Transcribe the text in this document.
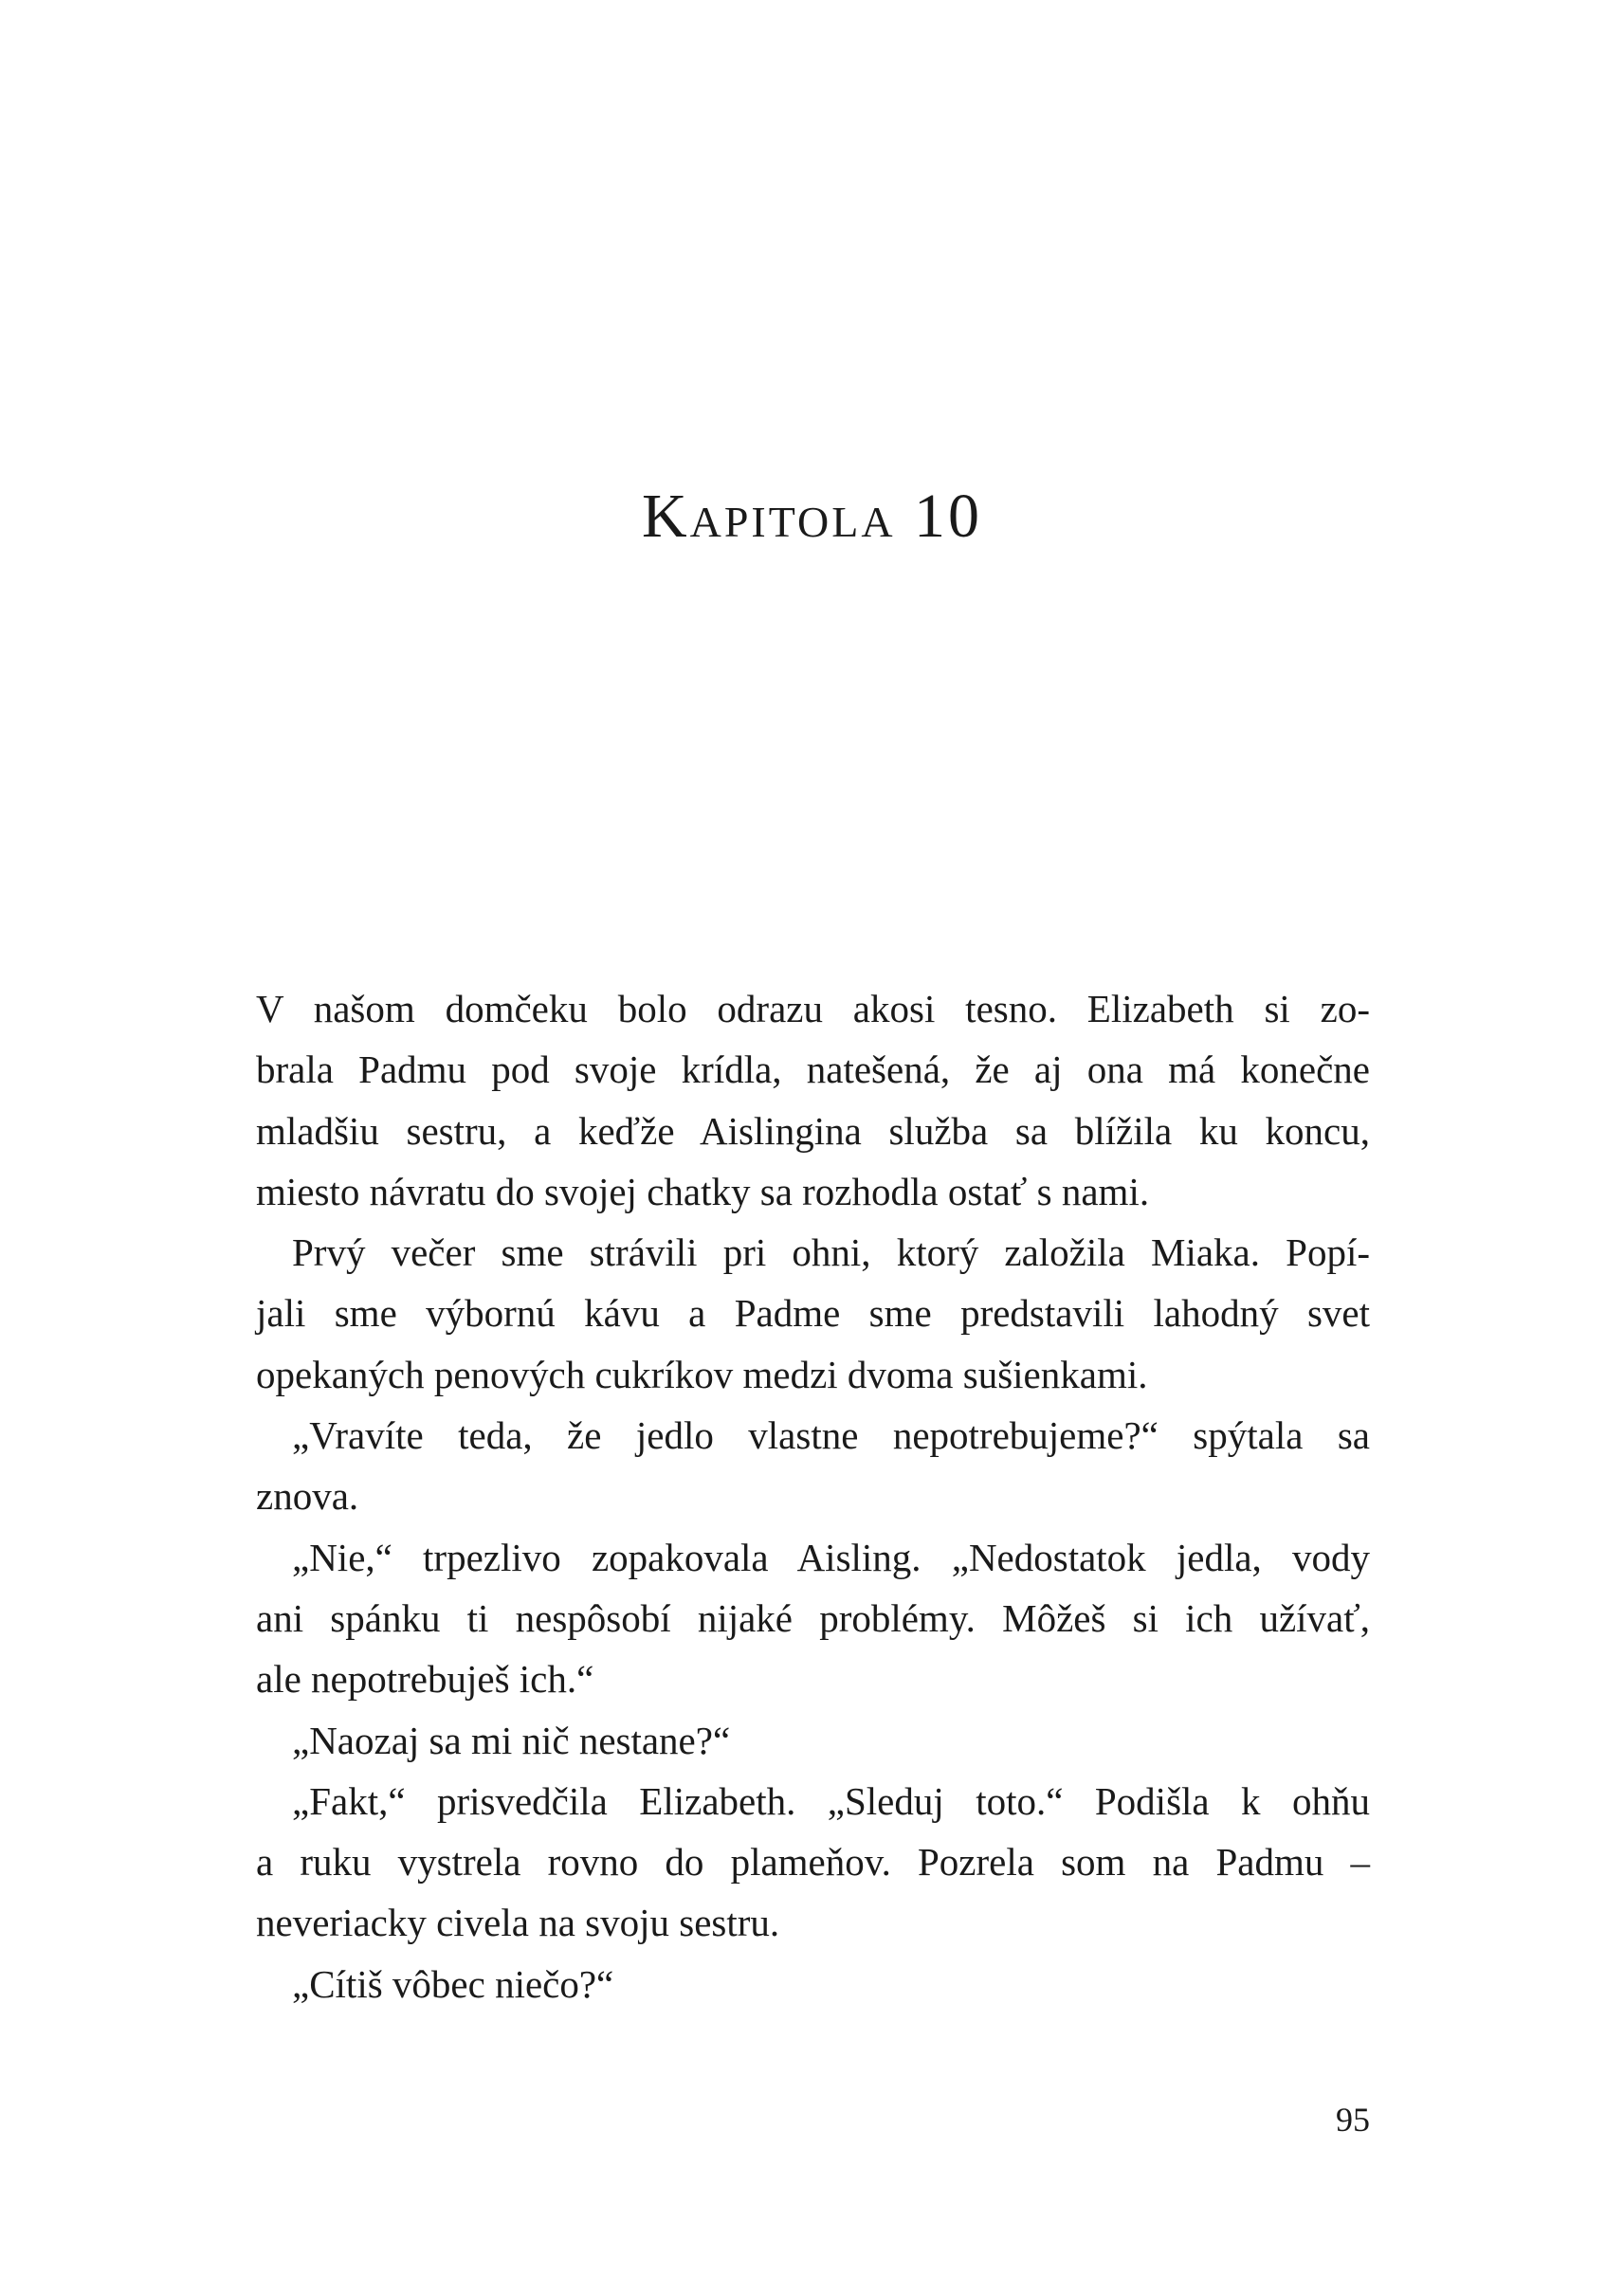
Kapitola 10
V našom domčeku bolo odrazu akosi tesno. Elizabeth si zo-
brala Padmu pod svoje krídla, natešená, že aj ona má konečne
mladšiu sestru, a keďže Aislingina služba sa blížila ku koncu,
miesto návratu do svojej chatky sa rozhodla ostať s nami.
Prvý večer sme strávili pri ohni, ktorý založila Miaka. Popí-
jali sme výbornú kávu a Padme sme predstavili lahodný svet
opekaných penových cukríkov medzi dvoma sušienkami.
„Vravíte teda, že jedlo vlastne nepotrebujeme?“ spýtala sa
znova.
„Nie,“ trpezlivo zopakovala Aisling. „Nedostatok jedla, vody
ani spánku ti nespôsobí nijaké problémy. Môžeš si ich užívať,
ale nepotrebuješ ich.“
„Naozaj sa mi nič nestane?“
„Fakt,“ prisvedčila Elizabeth. „Sleduj toto.“ Podišla k ohňu
a ruku vystrela rovno do plameňov. Pozrela som na Padmu –
neveriacky civela na svoju sestru.
„Cítiš vôbec niečo?“
95
